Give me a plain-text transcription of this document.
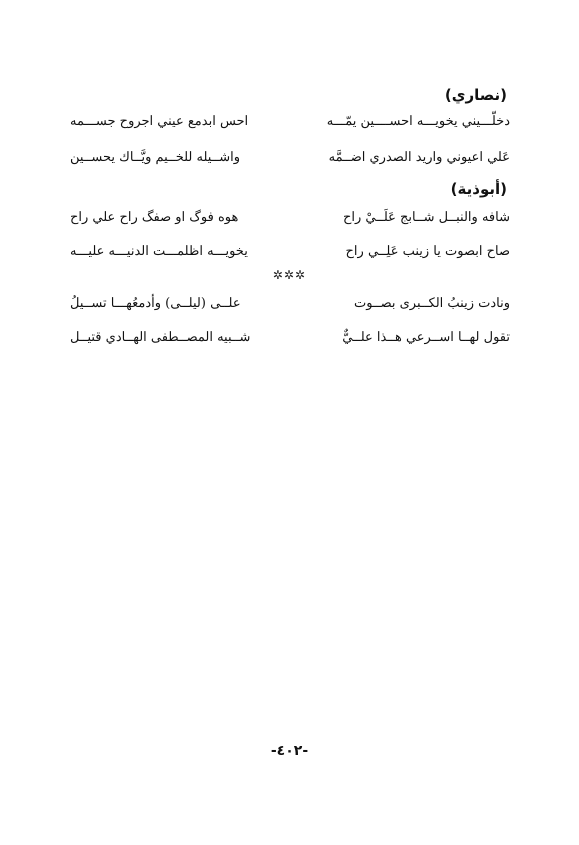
(نصاري)
دخلّـــيني يخويـــه احســــين يمّـــه
احس ابدمع عيني اجروح جســـمه
عَلي اعيوني واريد الصدري اضــمَّه
واشــيله للخــيم ويَّــاك يحســين
(أبوذية)
شافه والنبــل شــابج عَلَــيْ راح
هوه فوگ او صفگ راح علي راح
صاح ابصوت يا زينب عَلِــي راح
يخويـــه اظلمـــت الدنيـــه عليـــه
✲✲✲
ونادت زينبُ الكــبرى بصــوت
علــى (ليلــى) وأدمعُهـــا تســيلُ
تقول لهــا اســرعي هــذا علــيٌّ
شــبيه المصــطفى الهــادي قتيــل
-٤٠٢-
